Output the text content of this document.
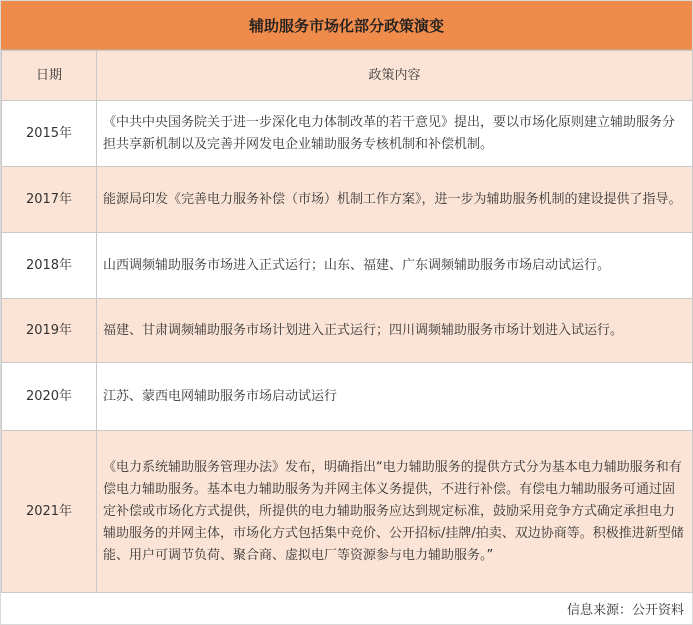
辅助服务市场化部分政策演变
日期	政策内容
2015年	《中共中央国务院关于进一步深化电力体制改革的若干意见》提出，要以市场化原则建立辅助服务分担共享新机制以及完善并网发电企业辅助服务专核机制和补偿机制。
2017年	能源局印发《完善电力服务补偿（市场）机制工作方案》，进一步为辅助服务机制的建设提供了指导。
2018年	山西调频辅助服务市场进入正式运行；山东、福建、广东调频辅助服务市场启动试运行。
2019年	福建、甘肃调频辅助服务市场计划进入正式运行；四川调频辅助服务市场计划进入试运行。
2020年	江苏、蒙西电网辅助服务市场启动试运行
2021年	《电力系统辅助服务管理办法》发布，明确指出“电力辅助服务的提供方式分为基本电力辅助服务和有偿电力辅助服务。基本电力辅助服务为并网主体义务提供，不进行补偿。有偿电力辅助服务可通过固定补偿或市场化方式提供，所提供的电力辅助服务应达到规定标准，鼓励采用竞争方式确定承担电力辅助服务的并网主体，市场化方式包括集中竞价、公开招标/挂牌/拍卖、双边协商等。积极推进新型储能、用户可调节负荷、聚合商、虚拟电厂等资源参与电力辅助服务。”
信息来源：公开资料
